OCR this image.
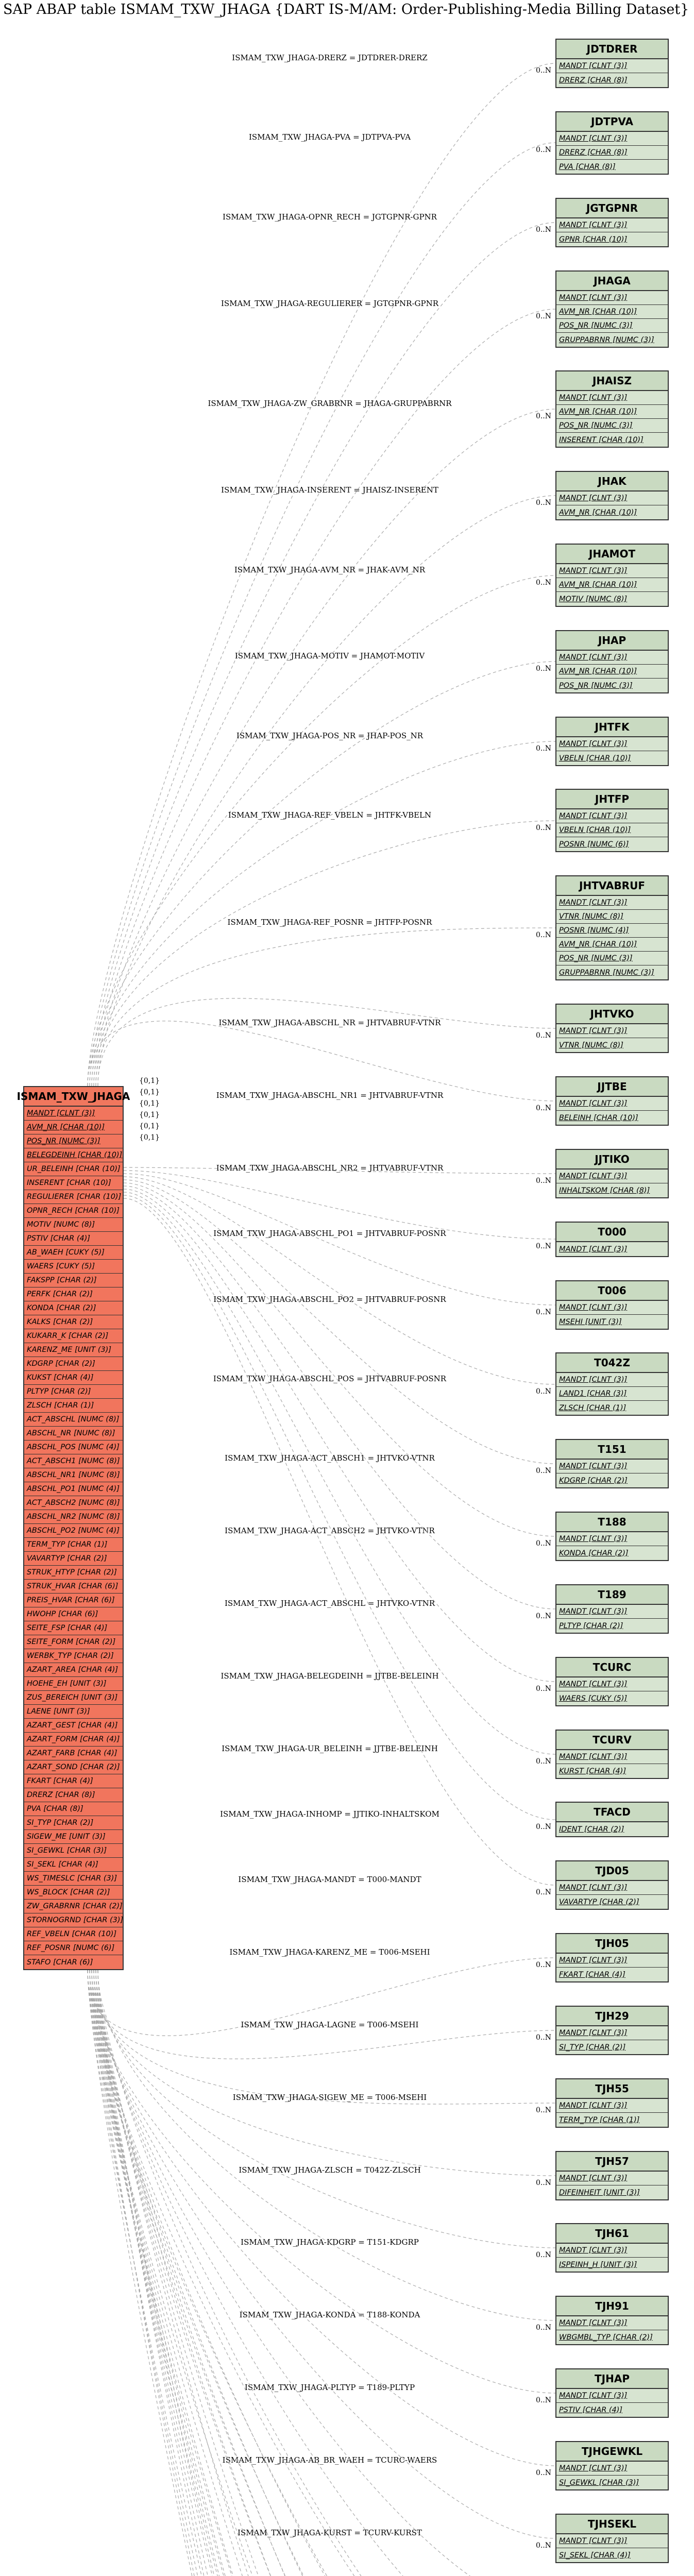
SAP ABAP table ISMAM_TXW_JHAGA {DART IS-M/AM: Order-Publishing-Media Billing Dataset}
ISMAM_TXW_JHAGA-DRERZ = JDTDRER-DRERZ
0..N
ISMAM_TXW_JHAGA-PVA = JDTPVA-PVA
0..N
ISMAM_TXW_JHAGA-OPNR_RECH = JGTGPNR-GPNR
0..N
ISMAM_TXW_JHAGA-REGULIERER = JGTGPNR-GPNR
0..N
ISMAM_TXW_JHAGA-ZW_GRABRNR = JHAGA-GRUPPABRNR
0..N
ISMAM_TXW_JHAGA-INSERENT = JHAISZ-INSERENT
0..N
ISMAM_TXW_JHAGA-AVM_NR = JHAK-AVM_NR
0..N
ISMAM_TXW_JHAGA-MOTIV = JHAMOT-MOTIV
0..N
ISMAM_TXW_JHAGA-POS_NR = JHAP-POS_NR
0..N
ISMAM_TXW_JHAGA-REF_VBELN = JHTFK-VBELN
0..N
ISMAM_TXW_JHAGA-REF_POSNR = JHTFP-POSNR
0..N
ISMAM_TXW_JHAGA-ABSCHL_NR = JHTVABRUF-VTNR
0..N
ISMAM_TXW_JHAGA-ABSCHL_NR1 = JHTVABRUF-VTNR
0..N
ISMAM_TXW_JHAGA-ABSCHL_NR2 = JHTVABRUF-VTNR
0..N
ISMAM_TXW_JHAGA-ABSCHL_PO1 = JHTVABRUF-POSNR
0..N
ISMAM_TXW_JHAGA-ABSCHL_PO2 = JHTVABRUF-POSNR
0..N
ISMAM_TXW_JHAGA-ABSCHL_POS = JHTVABRUF-POSNR
0..N
ISMAM_TXW_JHAGA-ACT_ABSCH1 = JHTVKO-VTNR
0..N
ISMAM_TXW_JHAGA-ACT_ABSCH2 = JHTVKO-VTNR
0..N
ISMAM_TXW_JHAGA-ACT_ABSCHL = JHTVKO-VTNR
0..N
ISMAM_TXW_JHAGA-BELEGDEINH = JJTBE-BELEINH
0..N
ISMAM_TXW_JHAGA-UR_BELEINH = JJTBE-BELEINH
0..N
ISMAM_TXW_JHAGA-INHOMP = JJTIKO-INHALTSKOM
0..N
ISMAM_TXW_JHAGA-MANDT = T000-MANDT
0..N
ISMAM_TXW_JHAGA-KARENZ_ME = T006-MSEHI
0..N
ISMAM_TXW_JHAGA-LAGNE = T006-MSEHI
0..N
ISMAM_TXW_JHAGA-SIGEW_ME = T006-MSEHI
0..N
ISMAM_TXW_JHAGA-ZLSCH = T042Z-ZLSCH
0..N
ISMAM_TXW_JHAGA-KDGRP = T151-KDGRP
0..N
ISMAM_TXW_JHAGA-KONDA = T188-KONDA
0..N
ISMAM_TXW_JHAGA-PLTYP = T189-PLTYP
0..N
ISMAM_TXW_JHAGA-AB_BR_WAEH = TCURC-WAERS
0..N
ISMAM_TXW_JHAGA-KURST = TCURV-KURST
0..N
{0,1}
{0,1}
{0,1}
{0,1}
{0,1}
{0,1}
ISMAM_TXW_JHAGA
MANDT [CLNT (3)]
AVM_NR [CHAR (10)]
POS_NR [NUMC (3)]
BELEGDEINH [CHAR (10)]
UR_BELEINH [CHAR (10)]
INSERENT [CHAR (10)]
REGULIERER [CHAR (10)]
OPNR_RECH [CHAR (10)]
MOTIV [NUMC (8)]
PSTIV [CHAR (4)]
AB_WAEH [CUKY (5)]
WAERS [CUKY (5)]
FAKSPP [CHAR (2)]
PERFK [CHAR (2)]
KONDA [CHAR (2)]
KALKS [CHAR (2)]
KUKARR_K [CHAR (2)]
KARENZ_ME [UNIT (3)]
KDGRP [CHAR (2)]
KUKST [CHAR (4)]
PLTYP [CHAR (2)]
ZLSCH [CHAR (1)]
ACT_ABSCHL [NUMC (8)]
ABSCHL_NR [NUMC (8)]
ABSCHL_POS [NUMC (4)]
ACT_ABSCH1 [NUMC (8)]
ABSCHL_NR1 [NUMC (8)]
ABSCHL_PO1 [NUMC (4)]
ACT_ABSCH2 [NUMC (8)]
ABSCHL_NR2 [NUMC (8)]
ABSCHL_PO2 [NUMC (4)]
TERM_TYP [CHAR (1)]
VAVARTYP [CHAR (2)]
STRUK_HTYP [CHAR (2)]
STRUK_HVAR [CHAR (6)]
PREIS_HVAR [CHAR (6)]
HWOHP [CHAR (6)]
SEITE_FSP [CHAR (4)]
SEITE_FORM [CHAR (2)]
WERBK_TYP [CHAR (2)]
AZART_AREA [CHAR (4)]
HOEHE_EH [UNIT (3)]
ZUS_BEREICH [UNIT (3)]
LAENE [UNIT (3)]
AZART_GEST [CHAR (4)]
AZART_FORM [CHAR (4)]
AZART_FARB [CHAR (4)]
AZART_SOND [CHAR (2)]
FKART [CHAR (4)]
DRERZ [CHAR (8)]
PVA [CHAR (8)]
SI_TYP [CHAR (2)]
SIGEW_ME [UNIT (3)]
SI_GEWKL [CHAR (3)]
SI_SEKL [CHAR (4)]
WS_TIMESLC [CHAR (3)]
WS_BLOCK [CHAR (2)]
ZW_GRABRNR [CHAR (2)]
STORNOGRND [CHAR (3)]
REF_VBELN [CHAR (10)]
REF_POSNR [NUMC (6)]
STAFO [CHAR (6)]
JDTDRER
MANDT [CLNT (3)]
DRERZ [CHAR (8)]
JDTPVA
MANDT [CLNT (3)]
DRERZ [CHAR (8)]
PVA [CHAR (8)]
JGTGPNR
MANDT [CLNT (3)]
GPNR [CHAR (10)]
JHAGA
MANDT [CLNT (3)]
AVM_NR [CHAR (10)]
POS_NR [NUMC (3)]
GRUPPABRNR [NUMC (3)]
JHAISZ
MANDT [CLNT (3)]
AVM_NR [CHAR (10)]
POS_NR [NUMC (3)]
INSERENT [CHAR (10)]
JHAK
MANDT [CLNT (3)]
AVM_NR [CHAR (10)]
JHAMOT
MANDT [CLNT (3)]
AVM_NR [CHAR (10)]
MOTIV [NUMC (8)]
JHAP
MANDT [CLNT (3)]
AVM_NR [CHAR (10)]
POS_NR [NUMC (3)]
JHTFK
MANDT [CLNT (3)]
VBELN [CHAR (10)]
JHTFP
MANDT [CLNT (3)]
VBELN [CHAR (10)]
POSNR [NUMC (6)]
JHTVABRUF
MANDT [CLNT (3)]
VTNR [NUMC (8)]
POSNR [NUMC (4)]
AVM_NR [CHAR (10)]
POS_NR [NUMC (3)]
GRUPPABRNR [NUMC (3)]
JHTVKO
MANDT [CLNT (3)]
VTNR [NUMC (8)]
JJTBE
MANDT [CLNT (3)]
BELEINH [CHAR (10)]
JJTIKO
MANDT [CLNT (3)]
INHALTSKOM [CHAR (8)]
T000
MANDT [CLNT (3)]
T006
MANDT [CLNT (3)]
MSEHI [UNIT (3)]
T042Z
MANDT [CLNT (3)]
LAND1 [CHAR (3)]
ZLSCH [CHAR (1)]
T151
MANDT [CLNT (3)]
KDGRP [CHAR (2)]
T188
MANDT [CLNT (3)]
KONDA [CHAR (2)]
T189
MANDT [CLNT (3)]
PLTYP [CHAR (2)]
TCURC
MANDT [CLNT (3)]
WAERS [CUKY (5)]
TCURV
MANDT [CLNT (3)]
KURST [CHAR (4)]
TFACD
IDENT [CHAR (2)]
TJD05
MANDT [CLNT (3)]
VAVARTYP [CHAR (2)]
TJH05
MANDT [CLNT (3)]
FKART [CHAR (4)]
TJH29
MANDT [CLNT (3)]
SI_TYP [CHAR (2)]
TJH55
MANDT [CLNT (3)]
TERM_TYP [CHAR (1)]
TJH57
MANDT [CLNT (3)]
DIFEINHEIT [UNIT (3)]
TJH61
MANDT [CLNT (3)]
ISPEINH_H [UNIT (3)]
TJH91
MANDT [CLNT (3)]
WBGMBL_TYP [CHAR (2)]
TJHAP
MANDT [CLNT (3)]
PSTIV [CHAR (4)]
TJHGEWKL
MANDT [CLNT (3)]
SI_GEWKL [CHAR (3)]
TJHSEKL
MANDT [CLNT (3)]
SI_SEKL [CHAR (4)]
